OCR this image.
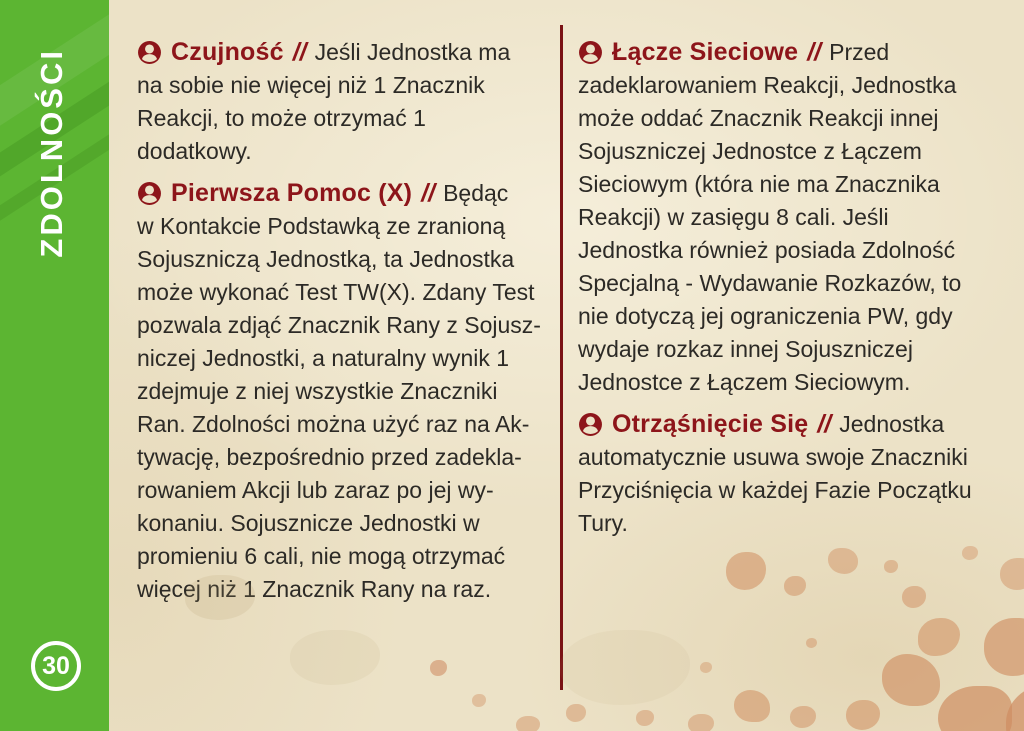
ZDOLNOŚCI
30
Czujność // Jeśli Jednostka ma
na sobie nie więcej niż 1 Znacznik
Reakcji, to może otrzymać 1
dodatkowy.
Pierwsza Pomoc (X) // Będąc
w Kontakcie Podstawką ze zranioną
Sojuszniczą Jednostką, ta Jednostka
może wykonać Test TW(X). Zdany Test
pozwala zdjąć Znacznik Rany z Sojusz-
niczej Jednostki, a naturalny wynik 1
zdejmuje z niej wszystkie Znaczniki
Ran. Zdolności można użyć raz na Ak-
tywację, bezpośrednio przed zadekla-
rowaniem Akcji lub zaraz po jej wy-
konaniu. Sojusznicze Jednostki w
promieniu 6 cali, nie mogą otrzymać
więcej niż 1 Znacznik Rany na raz.
Łącze Sieciowe // Przed
zadeklarowaniem Reakcji, Jednostka
może oddać Znacznik Reakcji innej
Sojuszniczej Jednostce z Łączem
Sieciowym (która nie ma Znacznika
Reakcji) w zasięgu 8 cali. Jeśli
Jednostka również posiada Zdolność
Specjalną - Wydawanie Rozkazów, to
nie dotyczą jej ograniczenia PW, gdy
wydaje rozkaz innej Sojuszniczej
Jednostce z Łączem Sieciowym.
Otrząśnięcie Się // Jednostka
automatycznie usuwa swoje Znaczniki
Przyciśnięcia w każdej Fazie Początku
Tury.
